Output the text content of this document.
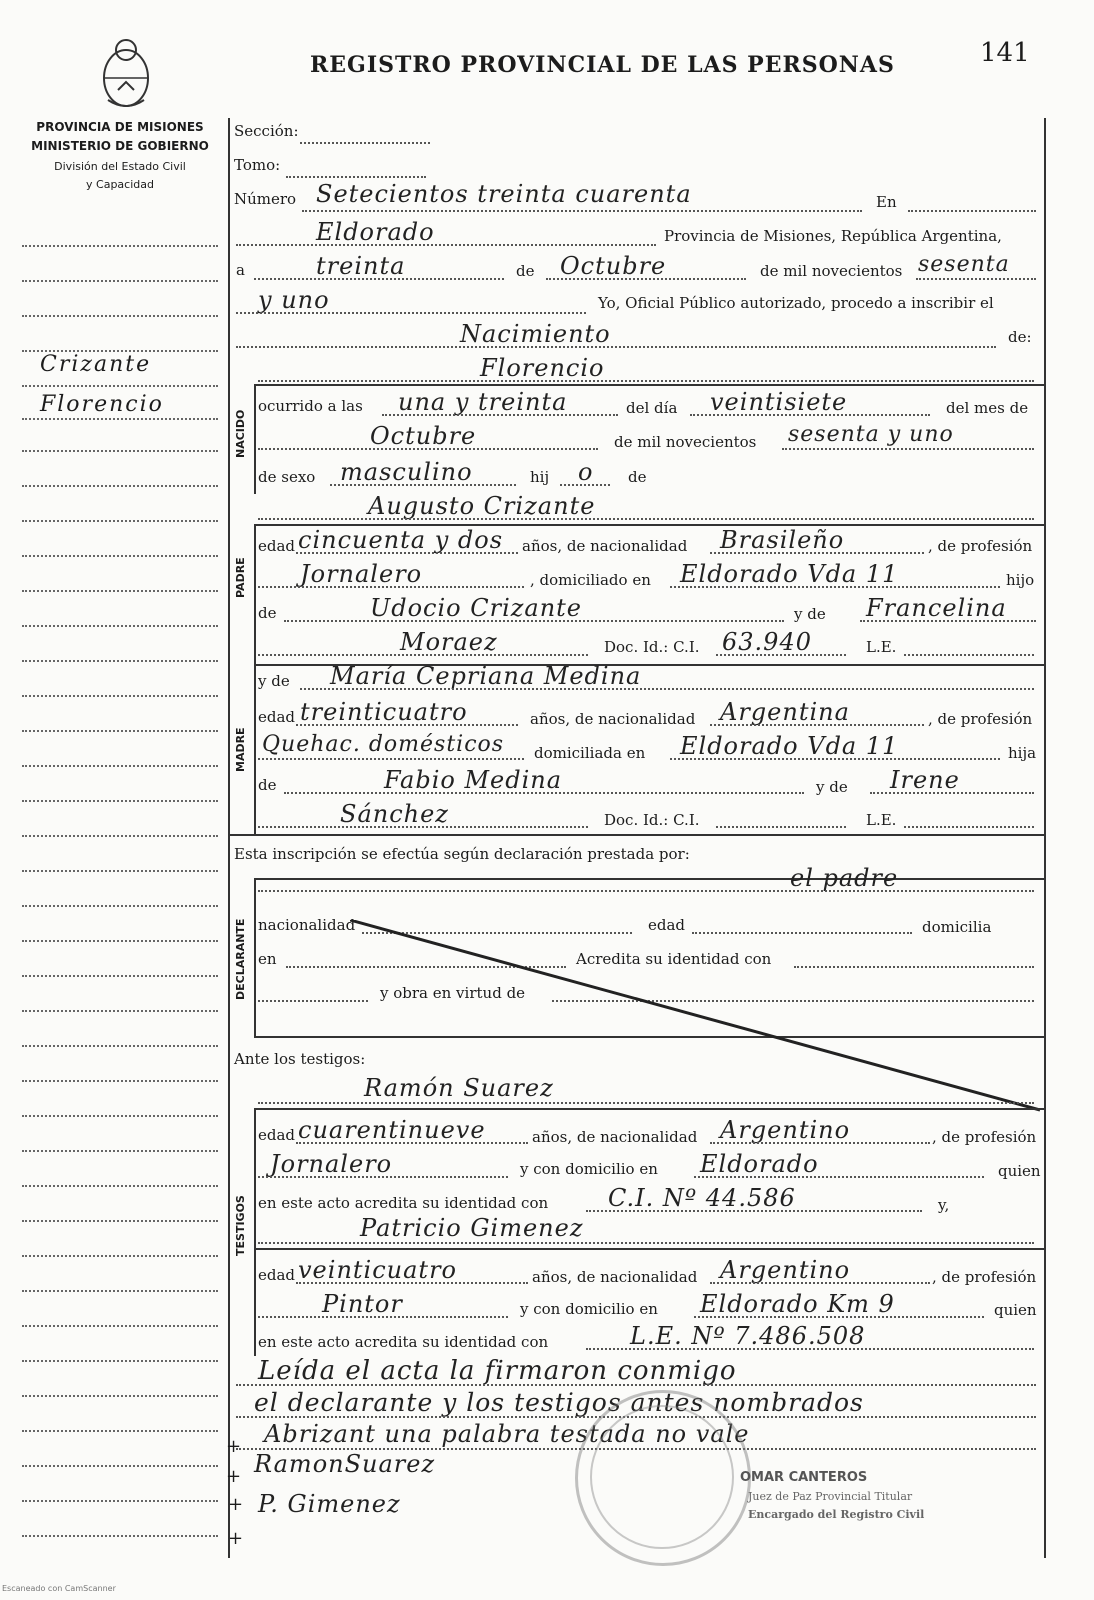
REGISTRO PROVINCIAL DE LAS PERSONAS	141
PROVINCIA DE MISIONES
MINISTERIO DE GOBIERNO
División del Estado Civil
y Capacidad
Crizante
Florencio
Sección:
Tomo:
Número Setecientos treinta cuarenta	En
Eldorado	Provincia de Misiones, República Argentina,
a	treinta	de Octubre	de mil novecientos sesenta
y uno	Yo, Oficial Público autorizado, procedo a inscribir el
Nacimiento	de:
NACIDO
Florencio
ocurrido a las una y treinta	del día veintisiete	del mes de
Octubre	de mil novecientos sesenta y uno
de sexo masculino	hij o de
PADRE
Augusto Crizante
edad cincuenta y dos años, de nacionalidad Brasileño	, de profesión
Jornalero	, domiciliado en Eldorado Vda 11	hijo
de	Udocio Crizante	y de Francelina
Moraez	Doc. Id.: C.I. 63.940	L.E.
MADRE
y de María Cepriana Medina
edad treinticuatro	años, de nacionalidad Argentina	, de profesión
Quehac. domésticos domiciliada en Eldorado Vda 11	hija
de	Fabio Medina	y de Irene
Sánchez	Doc. Id.: C.I.	L.E.
Esta inscripción se efectúa según declaración prestada por:
DECLARANTE
el padre
nacionalidad	edad	domicilia
en	Acredita su identidad con
y obra en virtud de
Ante los testigos:
TESTIGOS
Ramón Suarez
edad cuarentinueve	años, de nacionalidad Argentino	, de profesión
Jornalero	y con domicilio en Eldorado	quien
en este acto acredita su identidad con C.I. Nº 44.586	y,
Patricio Gimenez
edad veinticuatro	años, de nacionalidad Argentino	, de profesión
Pintor	y con domicilio en Eldorado Km 9	quien
en este acto acredita su identidad con	L.E. Nº 7.486.508
Leída el acta la firmaron conmigo
el declarante y los testigos antes nombrados
Abrizant una palabra testada no vale
+
+
+
+
RamonSuarez
P. Gimenez
OMAR CANTEROS
Juez de Paz Provincial Titular
Encargado del Registro Civil
Escaneado con CamScanner
